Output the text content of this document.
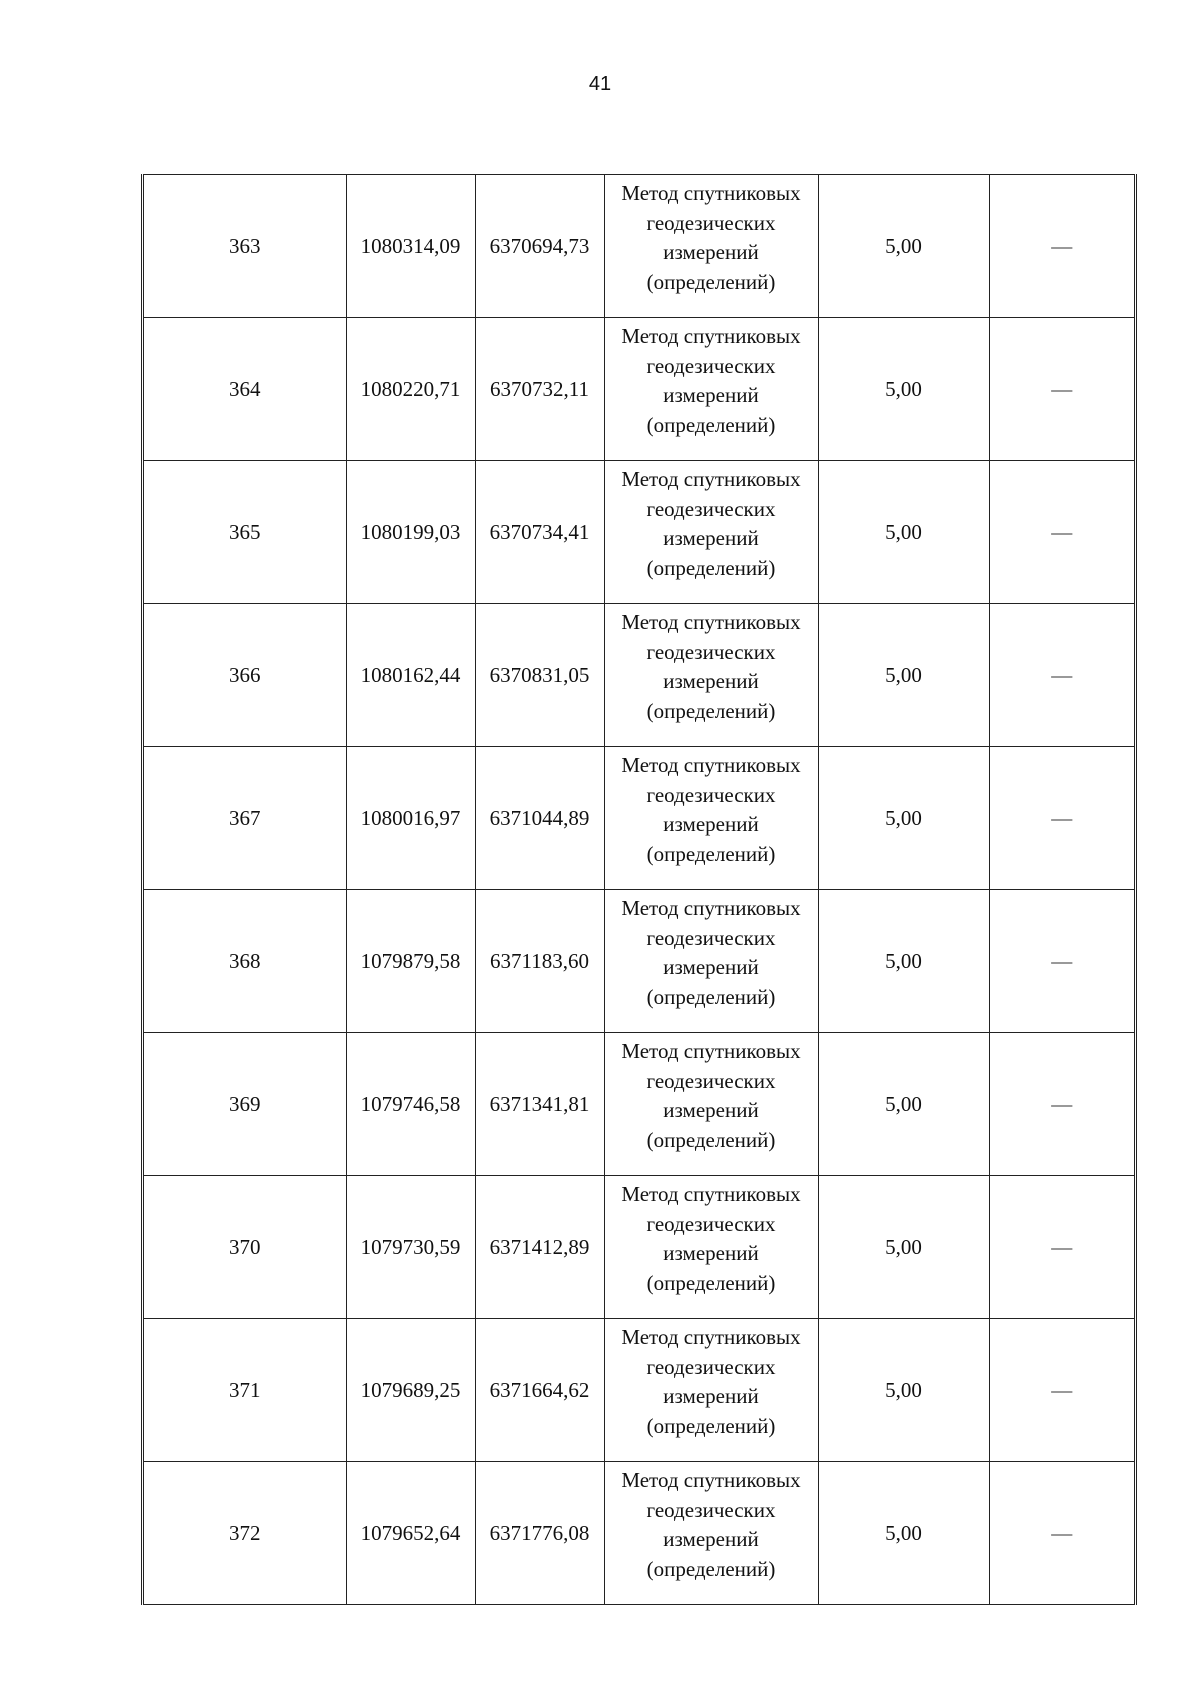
41
363	1080314,09	6370694,73	Метод спутниковых
геодезических
измерений
(определений)	5,00	—
364	1080220,71	6370732,11	Метод спутниковых
геодезических
измерений
(определений)	5,00	—
365	1080199,03	6370734,41	Метод спутниковых
геодезических
измерений
(определений)	5,00	—
366	1080162,44	6370831,05	Метод спутниковых
геодезических
измерений
(определений)	5,00	—
367	1080016,97	6371044,89	Метод спутниковых
геодезических
измерений
(определений)	5,00	—
368	1079879,58	6371183,60	Метод спутниковых
геодезических
измерений
(определений)	5,00	—
369	1079746,58	6371341,81	Метод спутниковых
геодезических
измерений
(определений)	5,00	—
370	1079730,59	6371412,89	Метод спутниковых
геодезических
измерений
(определений)	5,00	—
371	1079689,25	6371664,62	Метод спутниковых
геодезических
измерений
(определений)	5,00	—
372	1079652,64	6371776,08	Метод спутниковых
геодезических
измерений
(определений)	5,00	—
